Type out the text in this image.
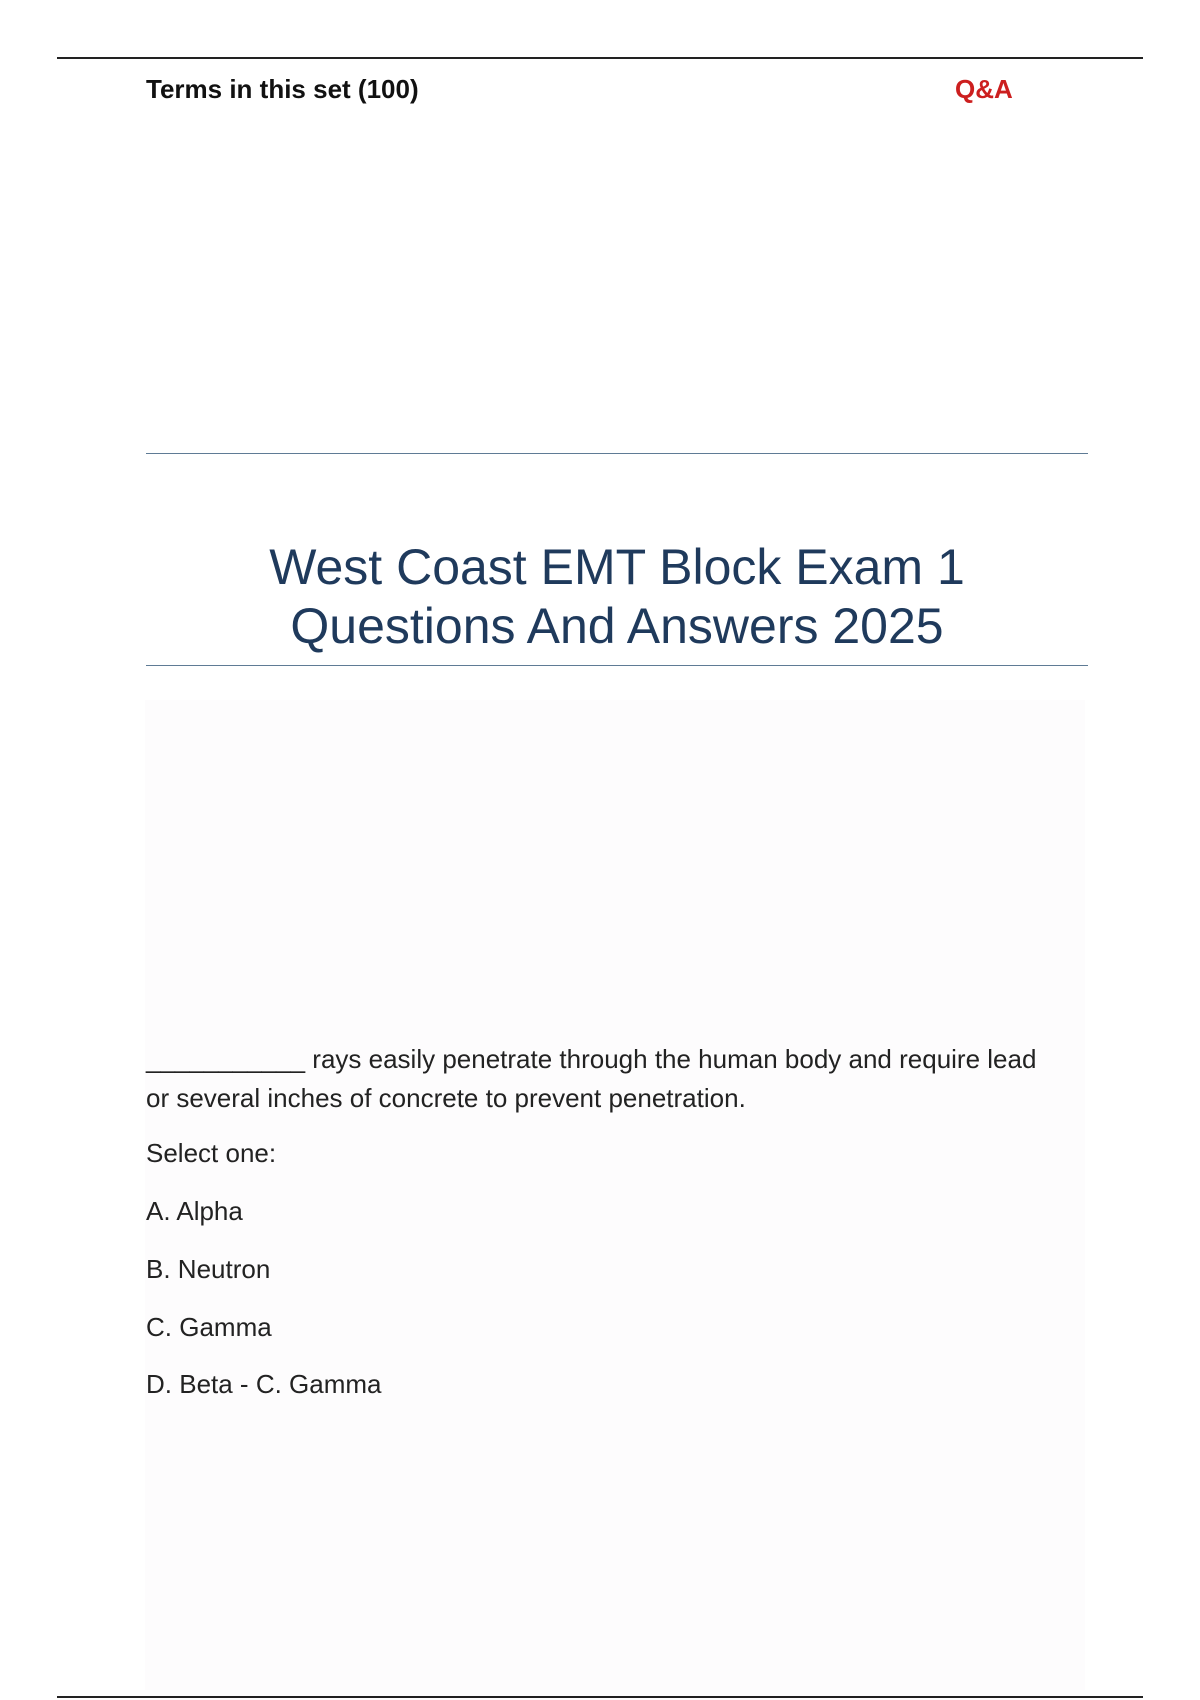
Terms in this set (100)	Q&A
West Coast EMT Block Exam 1
Questions And Answers 2025
___________ rays easily penetrate through the human body and require lead or several inches of concrete to prevent penetration.
Select one:
A. Alpha
B. Neutron
C. Gamma
D. Beta - C. Gamma
